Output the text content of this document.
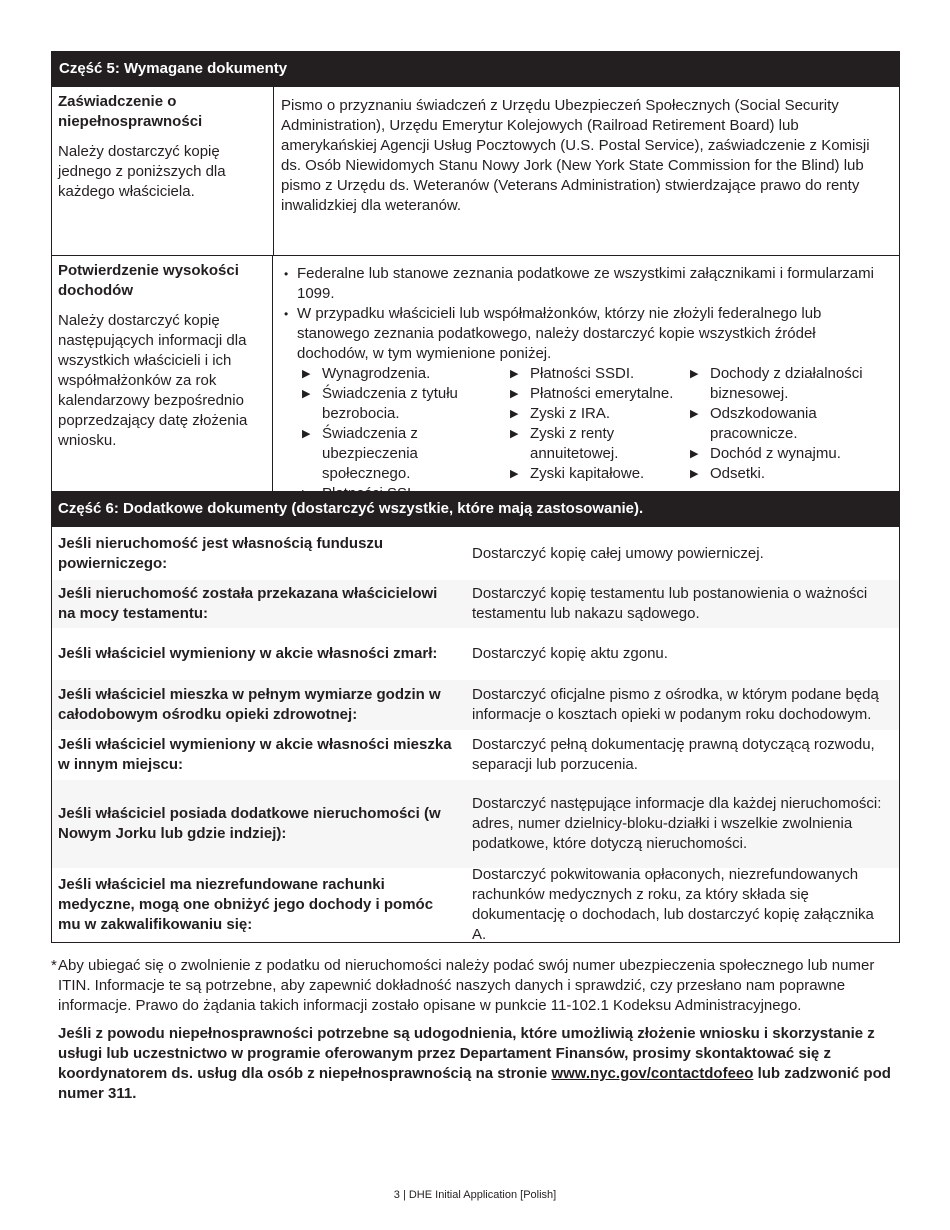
Część 5: Wymagane dokumenty
Zaświadczenie o niepełnosprawności
Należy dostarczyć kopię jednego z poniższych dla każdego właściciela.
Pismo o przyznaniu świadczeń z Urzędu Ubezpieczeń Społecznych (Social Security Administration), Urzędu Emerytur Kolejowych (Railroad Retirement Board) lub amerykańskiej Agencji Usług Pocztowych (U.S. Postal Service), zaświadczenie z Komisji ds. Osób Niewidomych Stanu Nowy Jork (New York State Commission for the Blind) lub pismo z Urzędu ds. Weteranów (Veterans Administration) stwierdzające prawo do renty inwalidzkiej dla weteranów.
Potwierdzenie wysokości dochodów
Należy dostarczyć kopię następujących informacji dla wszystkich właścicieli i ich współmałżonków za rok kalendarzowy bezpośrednio poprzedzający datę złożenia wniosku.
• Federalne lub stanowe zeznania podatkowe ze wszystkimi załącznikami i formularzami 1099.
• W przypadku właścicieli lub współmałżonków, którzy nie złożyli federalnego lub stanowego zeznania podatkowego, należy dostarczyć kopie wszystkich źródeł dochodów, w tym wymienione poniżej.
▶ Wynagrodzenia.
▶ Świadczenia z tytułu bezrobocia.
▶ Świadczenia z ubezpieczenia społecznego.
▶
▶ Płatności SSDI.
▶ Płatności emerytalne.
▶ Zyski z IRA.
▶ Zyski z renty annuitetowej.
▶ Zyski kapitałowe.
▶ Dochody z działalności biznesowej.
▶ Odszkodowania pracownicze.
▶ Dochód z wynajmu.
▶ Odsetki.
Część 6: Dodatkowe dokumenty (dostarczyć wszystkie, które mają zastosowanie).
Jeśli nieruchomość jest własnością funduszu powierniczego:
Dostarczyć kopię całej umowy powierniczej.
Jeśli nieruchomość została przekazana właścicielowi na mocy testamentu:
Dostarczyć kopię testamentu lub postanowienia o ważności testamentu lub nakazu sądowego.
Jeśli właściciel wymieniony w akcie własności zmarł:	Dostarczyć kopię aktu zgonu.
Jeśli właściciel mieszka w pełnym wymiarze godzin w całodobowym ośrodku opieki zdrowotnej:
Dostarczyć oficjalne pismo z ośrodka, w którym podane będą informacje o kosztach opieki w podanym roku dochodowym.
Jeśli właściciel wymieniony w akcie własności mieszka w innym miejscu:
Dostarczyć pełną dokumentację prawną dotyczącą rozwodu, separacji lub porzucenia.
Jeśli właściciel posiada dodatkowe nieruchomości (w Nowym Jorku lub gdzie indziej):
Dostarczyć następujące informacje dla każdej nieruchomości: adres, numer dzielnicy-bloku-działki i wszelkie zwolnienia podatkowe, które dotyczą nieruchomości.
Jeśli właściciel ma niezrefundowane rachunki medyczne, mogą one obniżyć jego dochody i pomóc mu w zakwalifikowaniu się:
Dostarczyć pokwitowania opłaconych, niezrefundowanych rachunków medycznych z roku, za który składa się dokumentację o dochodach, lub dostarczyć kopię załącznika A.
* Aby ubiegać się o zwolnienie z podatku od nieruchomości należy podać swój numer ubezpieczenia społecznego lub numer ITIN. Informacje te są potrzebne, aby zapewnić dokładność naszych danych i sprawdzić, czy przesłano nam poprawne informacje. Prawo do żądania takich informacji zostało opisane w punkcie 11-102.1 Kodeksu Administracyjnego.
Jeśli z powodu niepełnosprawności potrzebne są udogodnienia, które umożliwią złożenie wniosku i skorzystanie z usługi lub uczestnictwo w programie oferowanym przez Departament Finansów, prosimy skontaktować się z koordynatorem ds. usług dla osób z niepełnosprawnością na stronie www.nyc.gov/contactdofeeo lub zadzwonić pod numer 311.
3 | DHE Initial Application [Polish]
